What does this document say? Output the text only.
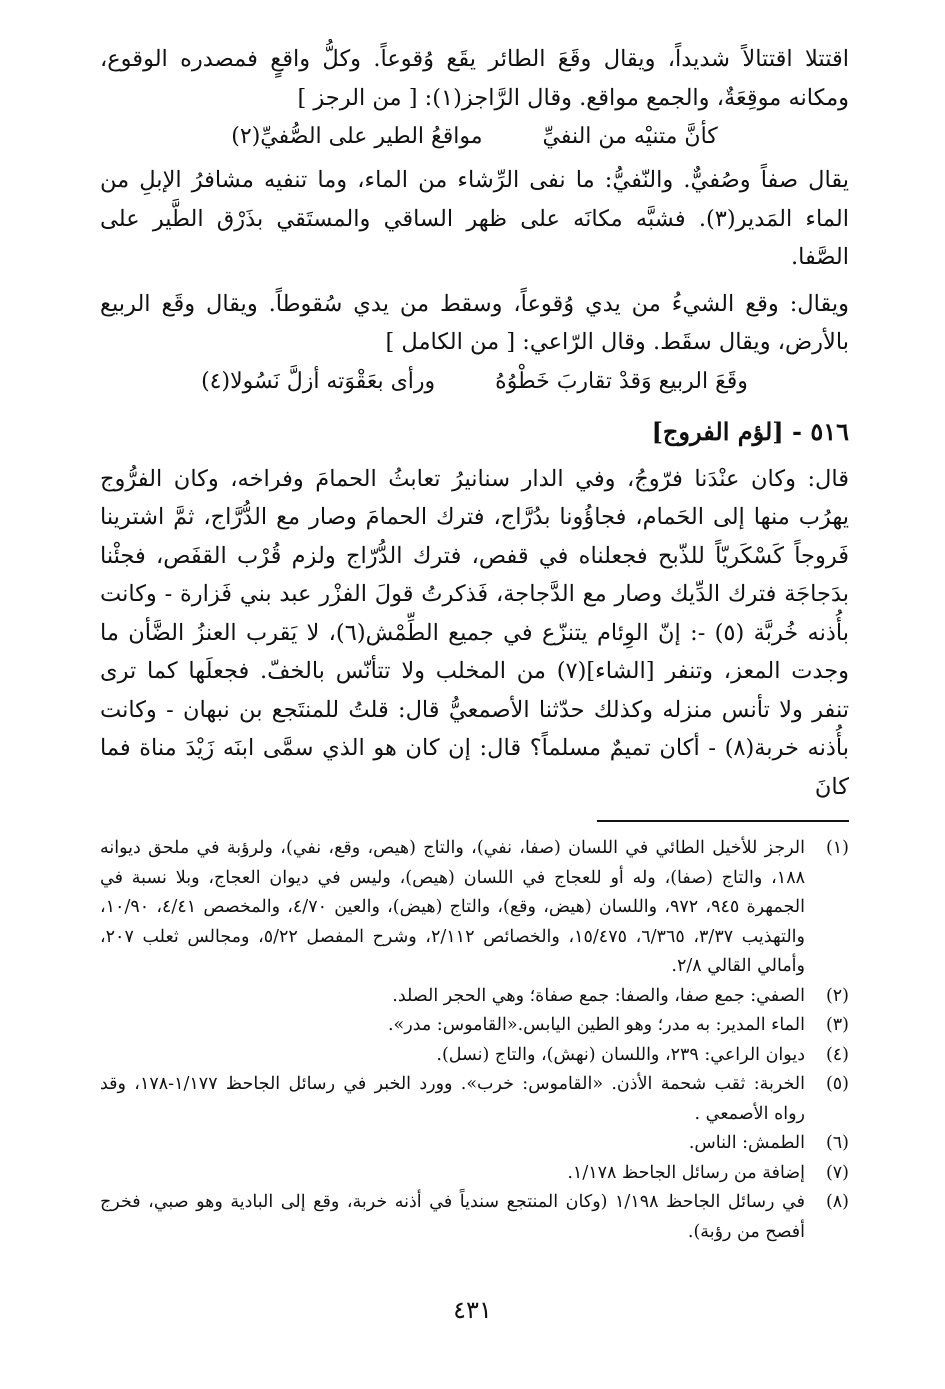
اقتتلا اقتتالاً شديداً، ويقال وقَعَ الطائر يقَع وُقوعاً. وكلُّ واقعٍ فمصدره الوقوع، ومكانه موقِعَةٌ، والجمع مواقع. وقال الرَّاجز(١): [ من الرجز ]

كأنَّ متنيْه من النفيِّ
مواقعُ الطير على الصُّفيِّ(٢)

يقال صفاً وصُفيٌّ. والنّفيُّ: ما نفى الرِّشاء من الماء، وما تنفيه مشافرُ الإبلِ من الماء المَدير(٣). فشبَّه مكانَه على ظهر الساقي والمستَقي بذَرْق الطَّير على الصَّفا.

ويقال: وقع الشيءُ من يدي وُقوعاً، وسقط من يدي سُقوطاً. ويقال وقَع الربيع بالأرض، ويقال سقَط. وقال الرّاعي: [ من الكامل ]

وقَعَ الربيع وَقدْ تقاربَ خَطْوُهُ
ورأى بعَقْوَته أزلَّ نَسُولا(٤)
٥١٦ - [لؤم الفروج]

قال: وكان عنْدَنا فرّوجُ، وفي الدار سنانيرُ تعابثُ الحمامَ وفراخه، وكان الفرُّوج يهرُب منها إلى الحَمام، فجاؤُونا بدُرَّاج، فترك الحمامَ وصار مع الدُّرَّاج، ثمَّ اشترينا فَروجاً كَسْكَريّاً للذّبح فجعلناه في قفص، فترك الدُّرّاج ولزم قُرْب القفَص، فجئْنا بدَجاجَة فترك الدِّيك وصار مع الدَّجاجة، فَذكرتُ قولَ الفزْر عبد بني فَزارة - وكانت بأُذنه خُربَّة (٥) -: إنّ الوِئام يتنزّع في جميع الطِّمْش(٦)، لا يَقرب العنزُ الضَّأن ما وجدت المعز، وتنفر [الشاء](٧) من المخلب ولا تتأنّس بالخفّ. فجعلَها كما ترى تنفر ولا تأنس منزله وكذلك حدّثنا الأصمعيُّ قال: قلتُ للمنتَجع بن نبهان - وكانت بأُذنه خربة(٨) - أكان تميمٌ مسلماً؟ قال: إن كان هو الذي سمَّى ابنَه زَيْدَ مناة فما كانَ

(١)
الرجز للأخيل الطائي في اللسان (صفا، نفي)، والتاج (هيص، وقع، نفي)، ولرؤبة في ملحق ديوانه ١٨٨، والتاج (صفا)، وله أو للعجاج في اللسان (هيص)، وليس في ديوان العجاج، وبلا نسبة في الجمهرة ٩٤٥، ٩٧٢، واللسان (هيض، وقع)، والتاج (هيض)، والعين ٤/٧٠، والمخصص ٤/٤١، ١٠/٩٠، والتهذيب ٣/٣٧، ٦/٣٦٥، ١٥/٤٧٥، والخصائص ٢/١١٢، وشرح المفصل ٥/٢٢، ومجالس ثعلب ٢٠٧، وأمالي القالي ٢/٨.
(٢)
الصفي: جمع صفا، والصفا: جمع صفاة؛ وهي الحجر الصلد.
(٣)
الماء المدير: به مدر؛ وهو الطين اليابس.«القاموس: مدر».
(٤)
ديوان الراعي: ٢٣٩، واللسان (نهش)، والتاج (نسل).
(٥)
الخربة: ثقب شحمة الأذن. «القاموس: خرب». وورد الخبر في رسائل الجاحظ ١/١٧٧-١٧٨، وقد رواه الأصمعي .
(٦)
الطمش: الناس.
(٧)
إضافة من رسائل الجاحظ ١/١٧٨.
(٨)
في رسائل الجاحظ ١/١٩٨ (وكان المنتجع سندياً في أذنه خربة، وقع إلى البادية وهو صبي، فخرج أفصح من رؤبة).
٤٣١
